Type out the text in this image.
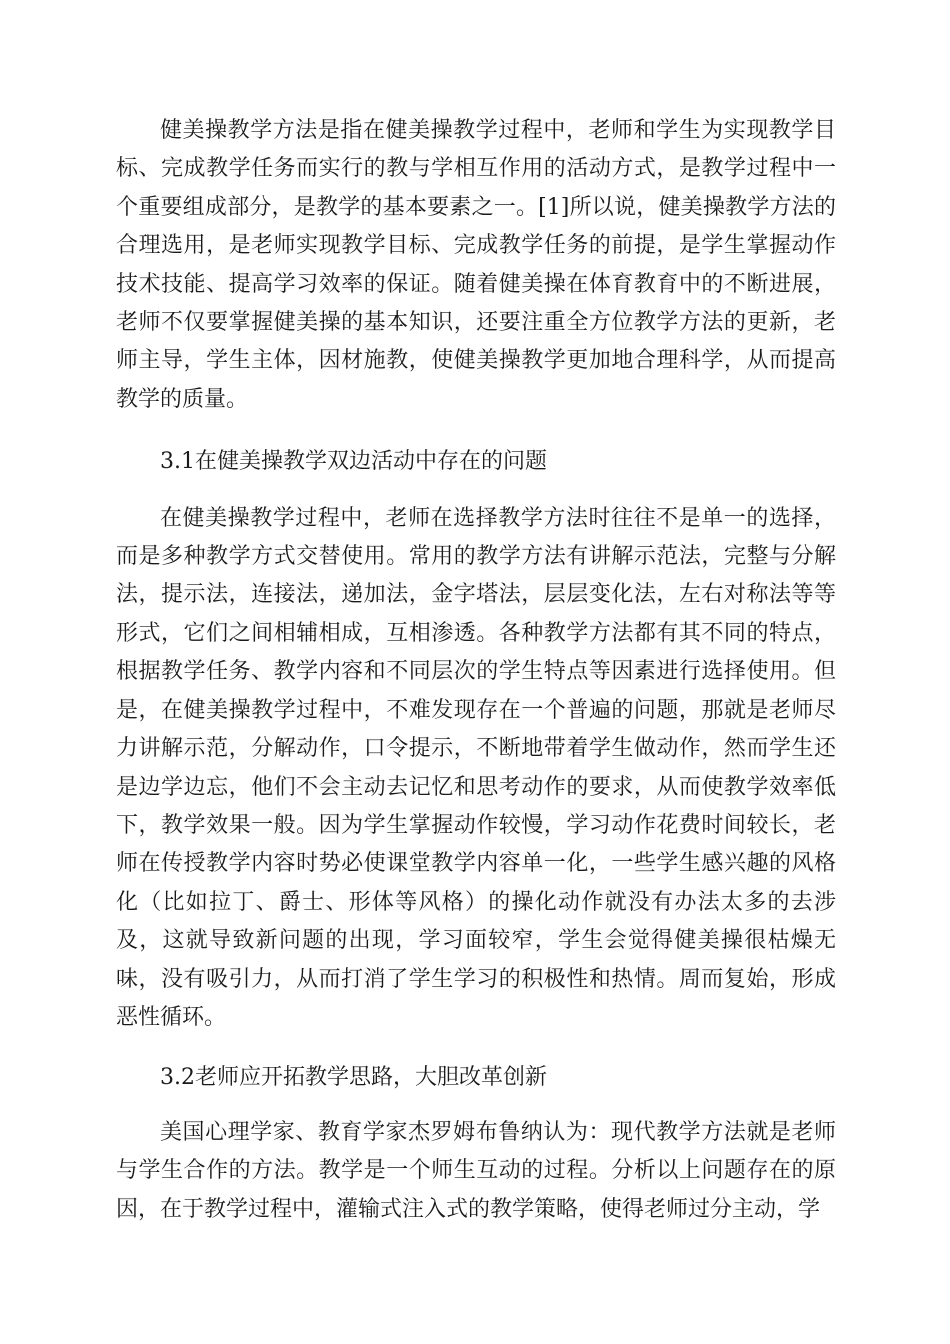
健美操教学方法是指在健美操教学过程中，老师和学生为实现教学目标、完成教学任务而实行的教与学相互作用的活动方式，是教学过程中一个重要组成部分，是教学的基本要素之一。[1]所以说，健美操教学方法的合理选用，是老师实现教学目标、完成教学任务的前提，是学生掌握动作技术技能、提高学习效率的保证。随着健美操在体育教育中的不断进展，老师不仅要掌握健美操的基本知识，还要注重全方位教学方法的更新，老师主导，学生主体，因材施教，使健美操教学更加地合理科学，从而提高教学的质量。

3.1在健美操教学双边活动中存在的问题

在健美操教学过程中，老师在选择教学方法时往往不是单一的选择，而是多种教学方式交替使用。常用的教学方法有讲解示范法，完整与分解法，提示法，连接法，递加法，金字塔法，层层变化法，左右对称法等等形式，它们之间相辅相成，互相渗透。各种教学方法都有其不同的特点，根据教学任务、教学内容和不同层次的学生特点等因素进行选择使用。但是，在健美操教学过程中，不难发现存在一个普遍的问题，那就是老师尽力讲解示范，分解动作，口令提示，不断地带着学生做动作，然而学生还是边学边忘，他们不会主动去记忆和思考动作的要求，从而使教学效率低下，教学效果一般。因为学生掌握动作较慢，学习动作花费时间较长，老师在传授教学内容时势必使课堂教学内容单一化，一些学生感兴趣的风格化（比如拉丁、爵士、形体等风格）的操化动作就没有办法太多的去涉及，这就导致新问题的出现，学习面较窄，学生会觉得健美操很枯燥无味，没有吸引力，从而打消了学生学习的积极性和热情。周而复始，形成恶性循环。

3.2老师应开拓教学思路，大胆改革创新

美国心理学家、教育学家杰罗姆布鲁纳认为：现代教学方法就是老师与学生合作的方法。教学是一个师生互动的过程。分析以上问题存在的原因，在于教学过程中，灌输式注入式的教学策略，使得老师过分主动，学
